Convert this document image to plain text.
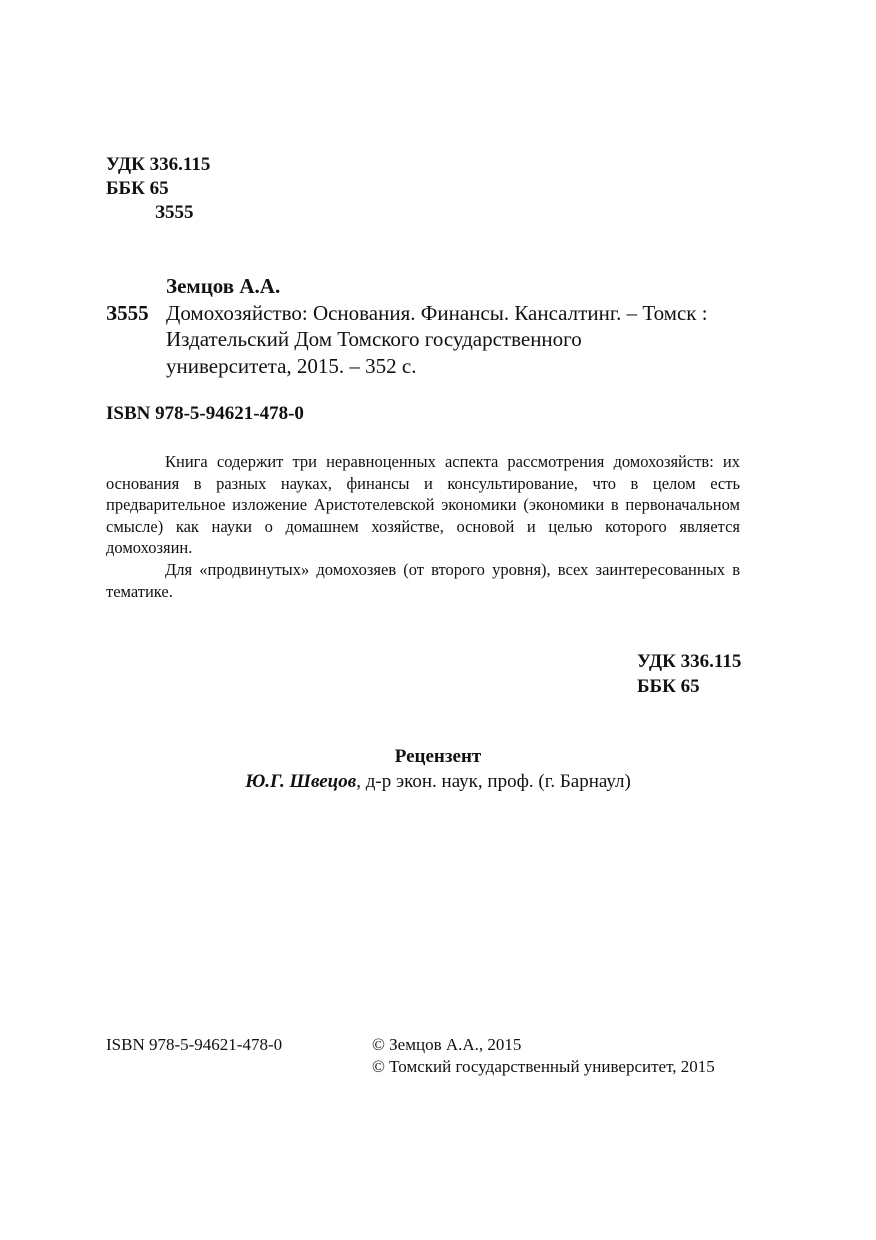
УДК 336.115
ББК 65
З555
Земцов А.А.
З555 Домохозяйство: Основания. Финансы. Кансалтинг. – Томск :
Издательский Дом Томского государственного
университета, 2015. – 352 с.
ISBN 978-5-94621-478-0

Книга содержит три неравноценных аспекта рассмотрения домохозяйств: их основания в разных науках, финансы и консультирование, что в целом есть предварительное изложение Аристотелевской экономики (экономики в первоначальном смысле) как науки о домашнем хозяйстве, основой и целью которого является домохозяин.

Для «продвинутых» домохозяев (от второго уровня), всех заинтересованных в тематике.

УДК 336.115
ББК 65
Рецензент
Ю.Г. Швецов, д-р экон. наук, проф. (г. Барнаул)
ISBN 978-5-94621-478-0	© Земцов А.А., 2015
© Томский государственный университет, 2015
